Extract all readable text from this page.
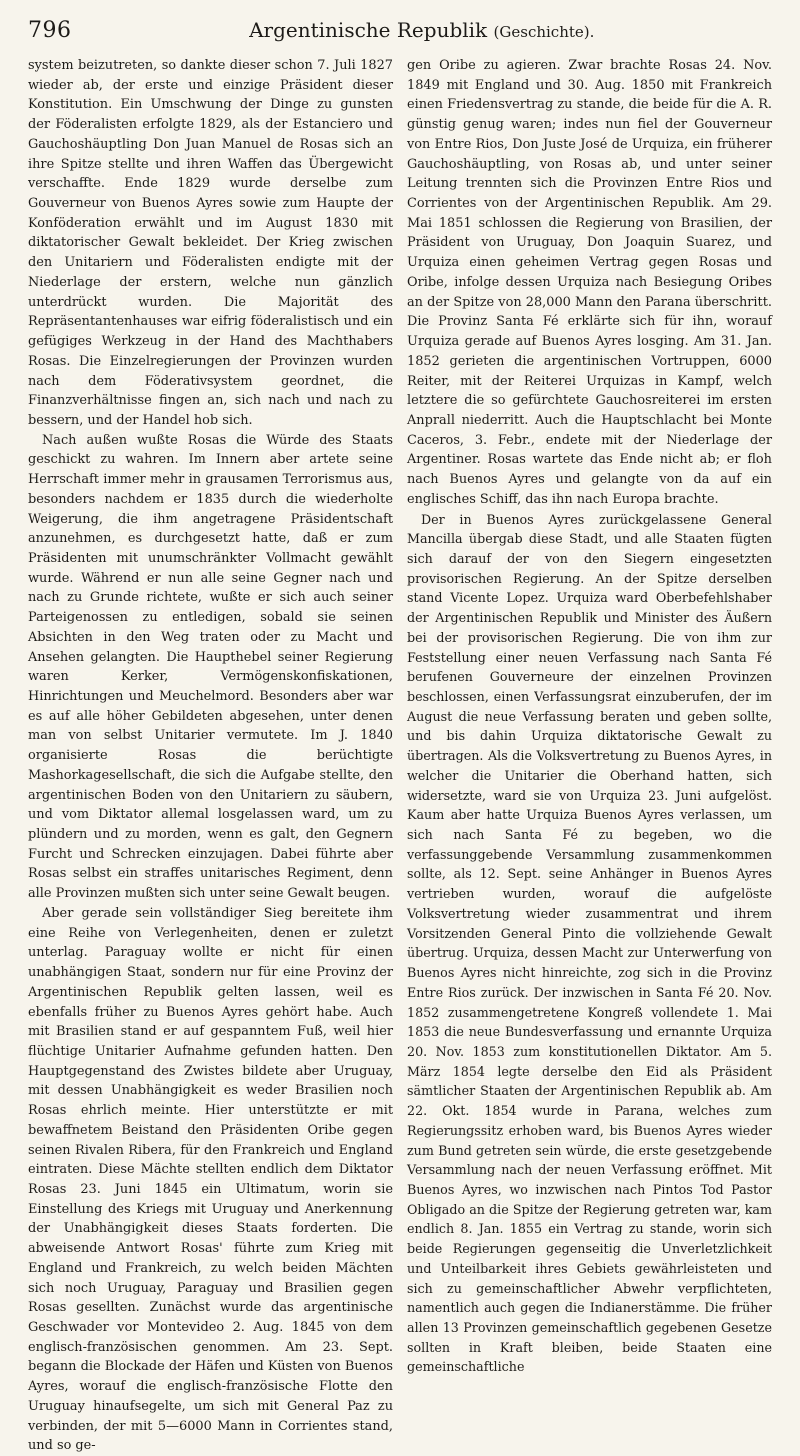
796	Argentinische Republik (Geschichte).

system beizutreten, so dankte dieser schon 7. Juli 1827 wieder ab, der erste und einzige Präsident dieser Konstitution. Ein Umschwung der Dinge zu gunsten der Föderalisten erfolgte 1829, als der Estanciero und Gauchoshäuptling Don Juan Manuel de Rosas sich an ihre Spitze stellte und ihren Waffen das Übergewicht verschaffte. Ende 1829 wurde derselbe zum Gouverneur von Buenos Ayres sowie zum Haupte der Konföderation erwählt und im August 1830 mit diktatorischer Gewalt bekleidet. Der Krieg zwischen den Unitariern und Föderalisten endigte mit der Niederlage der erstern, welche nun gänzlich unterdrückt wurden. Die Majorität des Repräsentantenhauses war eifrig föderalistisch und ein gefügiges Werkzeug in der Hand des Machthabers Rosas. Die Einzelregierungen der Provinzen wurden nach dem Föderativsystem geordnet, die Finanzverhältnisse fingen an, sich nach und nach zu bessern, und der Handel hob sich.

Nach außen wußte Rosas die Würde des Staats geschickt zu wahren. Im Innern aber artete seine Herrschaft immer mehr in grausamen Terrorismus aus, besonders nachdem er 1835 durch die wiederholte Weigerung, die ihm angetragene Präsidentschaft anzunehmen, es durchgesetzt hatte, daß er zum Präsidenten mit unumschränkter Vollmacht gewählt wurde. Während er nun alle seine Gegner nach und nach zu Grunde richtete, wußte er sich auch seiner Parteigenossen zu entledigen, sobald sie seinen Absichten in den Weg traten oder zu Macht und Ansehen gelangten. Die Haupthebel seiner Regierung waren Kerker, Vermögenskonfiskationen, Hinrichtungen und Meuchelmord. Besonders aber war es auf alle höher Gebildeten abgesehen, unter denen man von selbst Unitarier vermutete. Im J. 1840 organisierte Rosas die berüchtigte Mashorkagesellschaft, die sich die Aufgabe stellte, den argentinischen Boden von den Unitariern zu säubern, und vom Diktator allemal losgelassen ward, um zu plündern und zu morden, wenn es galt, den Gegnern Furcht und Schrecken einzujagen. Dabei führte aber Rosas selbst ein straffes unitarisches Regiment, denn alle Provinzen mußten sich unter seine Gewalt beugen.

Aber gerade sein vollständiger Sieg bereitete ihm eine Reihe von Verlegenheiten, denen er zuletzt unterlag. Paraguay wollte er nicht für einen unabhängigen Staat, sondern nur für eine Provinz der Argentinischen Republik gelten lassen, weil es ebenfalls früher zu Buenos Ayres gehört habe. Auch mit Brasilien stand er auf gespanntem Fuß, weil hier flüchtige Unitarier Aufnahme gefunden hatten. Den Hauptgegenstand des Zwistes bildete aber Uruguay, mit dessen Unabhängigkeit es weder Brasilien noch Rosas ehrlich meinte. Hier unterstützte er mit bewaffnetem Beistand den Präsidenten Oribe gegen seinen Rivalen Ribera, für den Frankreich und England eintraten. Diese Mächte stellten endlich dem Diktator Rosas 23. Juni 1845 ein Ultimatum, worin sie Einstellung des Kriegs mit Uruguay und Anerkennung der Unabhängigkeit dieses Staats forderten. Die abweisende Antwort Rosas' führte zum Krieg mit England und Frankreich, zu welch beiden Mächten sich noch Uruguay, Paraguay und Brasilien gegen Rosas gesellten. Zunächst wurde das argentinische Geschwader vor Montevideo 2. Aug. 1845 von dem englisch-französischen genommen. Am 23. Sept. begann die Blockade der Häfen und Küsten von Buenos Ayres, worauf die englisch-französische Flotte den Uruguay hinaufsegelte, um sich mit General Paz zu verbinden, der mit 5—6000 Mann in Corrientes stand, und so ge-

gen Oribe zu agieren. Zwar brachte Rosas 24. Nov. 1849 mit England und 30. Aug. 1850 mit Frankreich einen Friedensvertrag zu stande, die beide für die A. R. günstig genug waren; indes nun fiel der Gouverneur von Entre Rios, Don Juste José de Urquiza, ein früherer Gauchoshäuptling, von Rosas ab, und unter seiner Leitung trennten sich die Provinzen Entre Rios und Corrientes von der Argentinischen Republik. Am 29. Mai 1851 schlossen die Regierung von Brasilien, der Präsident von Uruguay, Don Joaquin Suarez, und Urquiza einen geheimen Vertrag gegen Rosas und Oribe, infolge dessen Urquiza nach Besiegung Oribes an der Spitze von 28,000 Mann den Parana überschritt. Die Provinz Santa Fé erklärte sich für ihn, worauf Urquiza gerade auf Buenos Ayres losging. Am 31. Jan. 1852 gerieten die argentinischen Vortruppen, 6000 Reiter, mit der Reiterei Urquizas in Kampf, welch letztere die so gefürchtete Gauchosreiterei im ersten Anprall niederritt. Auch die Hauptschlacht bei Monte Caceros, 3. Febr., endete mit der Niederlage der Argentiner. Rosas wartete das Ende nicht ab; er floh nach Buenos Ayres und gelangte von da auf ein englisches Schiff, das ihn nach Europa brachte.

Der in Buenos Ayres zurückgelassene General Mancilla übergab diese Stadt, und alle Staaten fügten sich darauf der von den Siegern eingesetzten provisorischen Regierung. An der Spitze derselben stand Vicente Lopez. Urquiza ward Oberbefehlshaber der Argentinischen Republik und Minister des Äußern bei der provisorischen Regierung. Die von ihm zur Feststellung einer neuen Verfassung nach Santa Fé berufenen Gouverneure der einzelnen Provinzen beschlossen, einen Verfassungsrat einzuberufen, der im August die neue Verfassung beraten und geben sollte, und bis dahin Urquiza diktatorische Gewalt zu übertragen. Als die Volksvertretung zu Buenos Ayres, in welcher die Unitarier die Oberhand hatten, sich widersetzte, ward sie von Urquiza 23. Juni aufgelöst. Kaum aber hatte Urquiza Buenos Ayres verlassen, um sich nach Santa Fé zu begeben, wo die verfassunggebende Versammlung zusammenkommen sollte, als 12. Sept. seine Anhänger in Buenos Ayres vertrieben wurden, worauf die aufgelöste Volksvertretung wieder zusammentrat und ihrem Vorsitzenden General Pinto die vollziehende Gewalt übertrug. Urquiza, dessen Macht zur Unterwerfung von Buenos Ayres nicht hinreichte, zog sich in die Provinz Entre Rios zurück. Der inzwischen in Santa Fé 20. Nov. 1852 zusammengetretene Kongreß vollendete 1. Mai 1853 die neue Bundesverfassung und ernannte Urquiza 20. Nov. 1853 zum konstitutionellen Diktator. Am 5. März 1854 legte derselbe den Eid als Präsident sämtlicher Staaten der Argentinischen Republik ab. Am 22. Okt. 1854 wurde in Parana, welches zum Regierungssitz erhoben ward, bis Buenos Ayres wieder zum Bund getreten sein würde, die erste gesetzgebende Versammlung nach der neuen Verfassung eröffnet. Mit Buenos Ayres, wo inzwischen nach Pintos Tod Pastor Obligado an die Spitze der Regierung getreten war, kam endlich 8. Jan. 1855 ein Vertrag zu stande, worin sich beide Regierungen gegenseitig die Unverletzlichkeit und Unteilbarkeit ihres Gebiets gewährleisteten und sich zu gemeinschaftlicher Abwehr verpflichteten, namentlich auch gegen die Indianerstämme. Die früher allen 13 Provinzen gemeinschaftlich gegebenen Gesetze sollten in Kraft bleiben, beide Staaten eine gemeinschaftliche
